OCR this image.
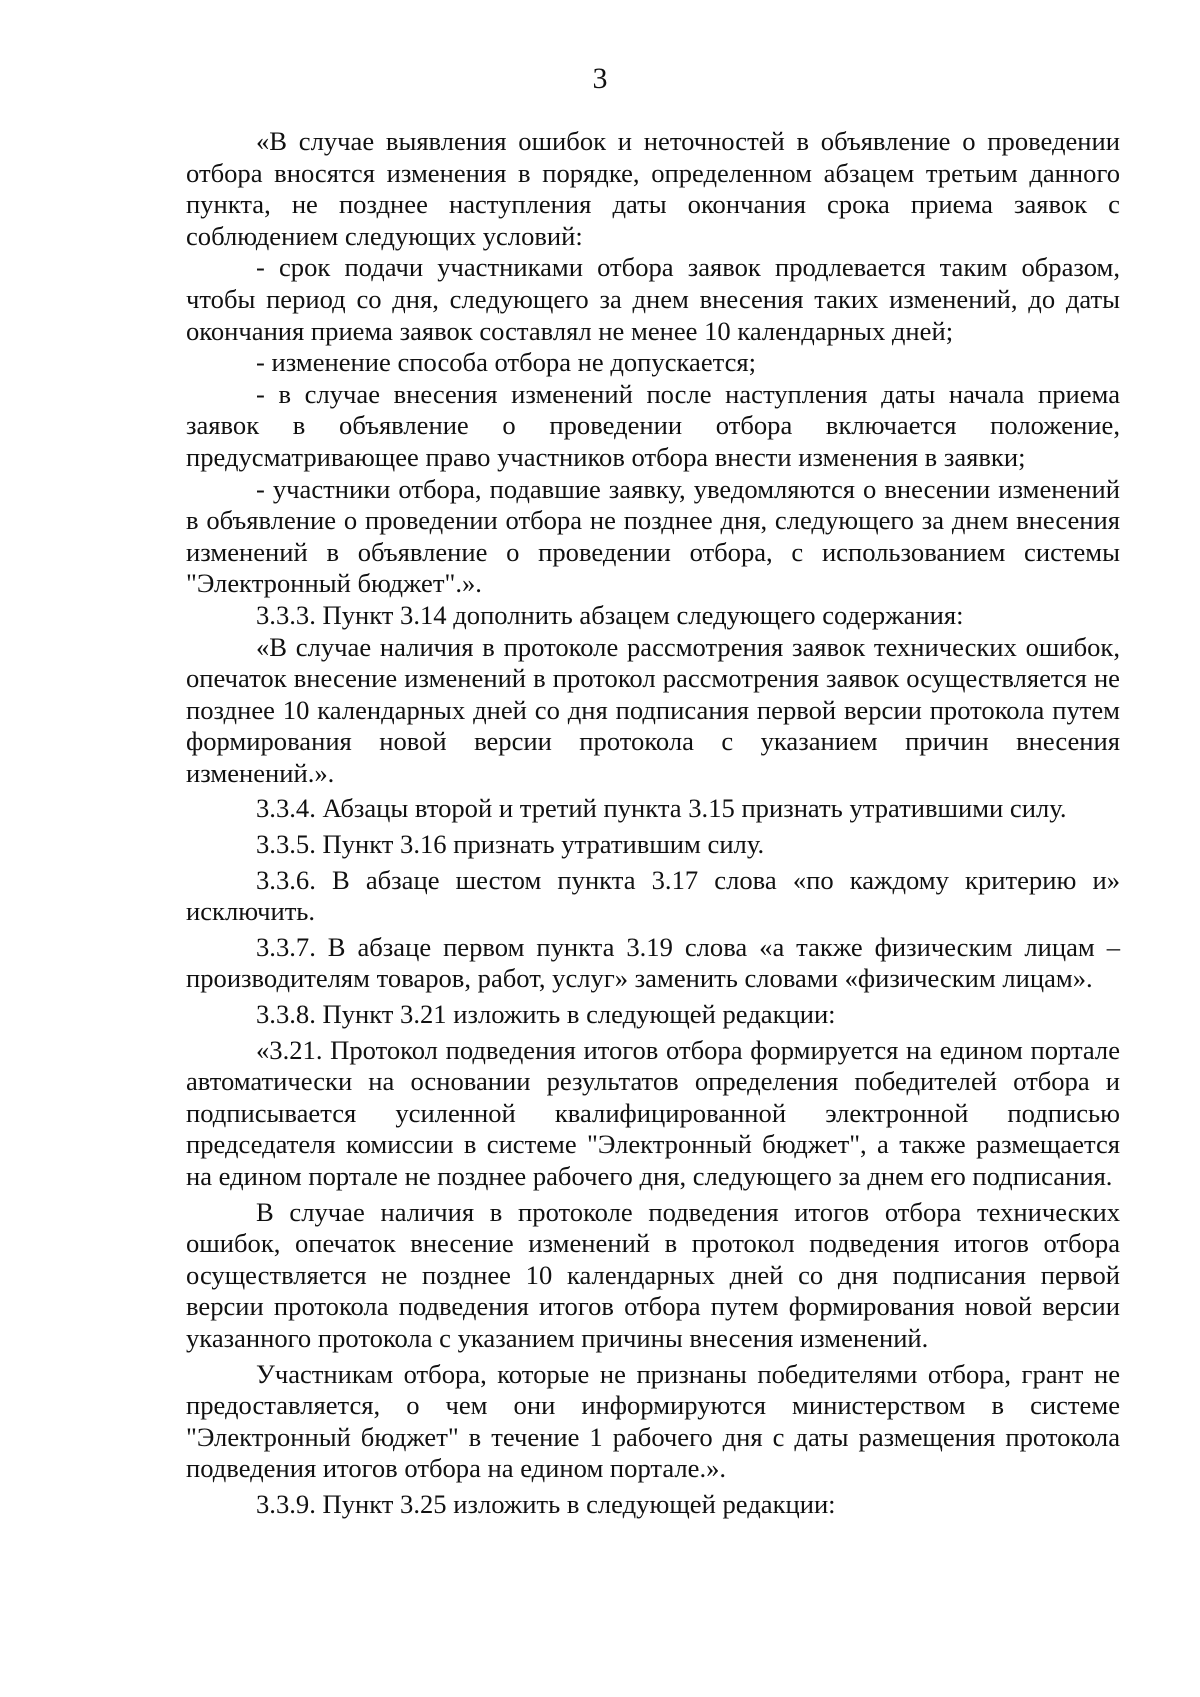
3

«В случае выявления ошибок и неточностей в объявление о проведении отбора вносятся изменения в порядке, определенном абзацем третьим данного пункта, не позднее наступления даты окончания срока приема заявок с соблюдением следующих условий:

- срок подачи участниками отбора заявок продлевается таким образом, чтобы период со дня, следующего за днем внесения таких изменений, до даты окончания приема заявок составлял не менее 10 календарных дней;

- изменение способа отбора не допускается;

- в случае внесения изменений после наступления даты начала приема заявок в объявление о проведении отбора включается положение, предусматривающее право участников отбора внести изменения в заявки;

- участники отбора, подавшие заявку, уведомляются о внесении изменений в объявление о проведении отбора не позднее дня, следующего за днем внесения изменений в объявление о проведении отбора, с использованием системы "Электронный бюджет".».

3.3.3. Пункт 3.14 дополнить абзацем следующего содержания:

«В случае наличия в протоколе рассмотрения заявок технических ошибок, опечаток внесение изменений в протокол рассмотрения заявок осуществляется не позднее 10 календарных дней со дня подписания первой версии протокола путем формирования новой версии протокола с указанием причин внесения изменений.».

3.3.4. Абзацы второй и третий пункта 3.15 признать утратившими силу.

3.3.5. Пункт 3.16 признать утратившим силу.

3.3.6. В абзаце шестом пункта 3.17 слова «по каждому критерию и» исключить.

3.3.7. В абзаце первом пункта 3.19 слова «а также физическим лицам – производителям товаров, работ, услуг» заменить словами «физическим лицам».

3.3.8. Пункт 3.21 изложить в следующей редакции:

«3.21. Протокол подведения итогов отбора формируется на едином портале автоматически на основании результатов определения победителей отбора и подписывается усиленной квалифицированной электронной подписью председателя комиссии в системе "Электронный бюджет", а также размещается на едином портале не позднее рабочего дня, следующего за днем его подписания.

В случае наличия в протоколе подведения итогов отбора технических ошибок, опечаток внесение изменений в протокол подведения итогов отбора осуществляется не позднее 10 календарных дней со дня подписания первой версии протокола подведения итогов отбора путем формирования новой версии указанного протокола с указанием причины внесения изменений.

Участникам отбора, которые не признаны победителями отбора, грант не предоставляется, о чем они информируются министерством в системе "Электронный бюджет" в течение 1 рабочего дня с даты размещения протокола подведения итогов отбора на едином портале.».

3.3.9. Пункт 3.25 изложить в следующей редакции:
